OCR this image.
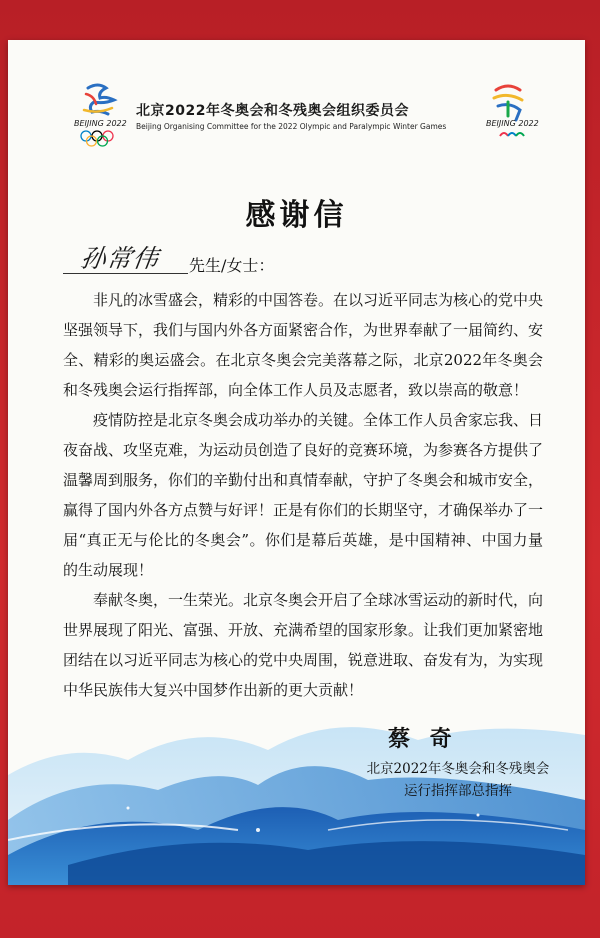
BEIJING 2022
北京2022年冬奥会和冬残奥会组织委员会
Beijing Organising Committee for the 2022 Olympic and Paralympic Winter Games	BEIJING 2022
感谢信
孙常伟 先生/女士：

非凡的冰雪盛会，精彩的中国答卷。在以习近平同志为核心的党中央坚强领导下，我们与国内外各方面紧密合作，为世界奉献了一届简约、安全、精彩的奥运盛会。在北京冬奥会完美落幕之际，北京2022年冬奥会和冬残奥会运行指挥部，向全体工作人员及志愿者，致以崇高的敬意！

疫情防控是北京冬奥会成功举办的关键。全体工作人员舍家忘我、日夜奋战、攻坚克难，为运动员创造了良好的竞赛环境，为参赛各方提供了温馨周到服务，你们的辛勤付出和真情奉献，守护了冬奥会和城市安全，赢得了国内外各方点赞与好评！正是有你们的长期坚守，才确保举办了一届“真正无与伦比的冬奥会”。你们是幕后英雄，是中国精神、中国力量的生动展现！

奉献冬奥，一生荣光。北京冬奥会开启了全球冰雪运动的新时代，向世界展现了阳光、富强、开放、充满希望的国家形象。让我们更加紧密地团结在以习近平同志为核心的党中央周围，锐意进取、奋发有为，为实现中华民族伟大复兴中国梦作出新的更大贡献！

蔡 奇
北京2022年冬奥会和冬残奥会
运行指挥部总指挥
